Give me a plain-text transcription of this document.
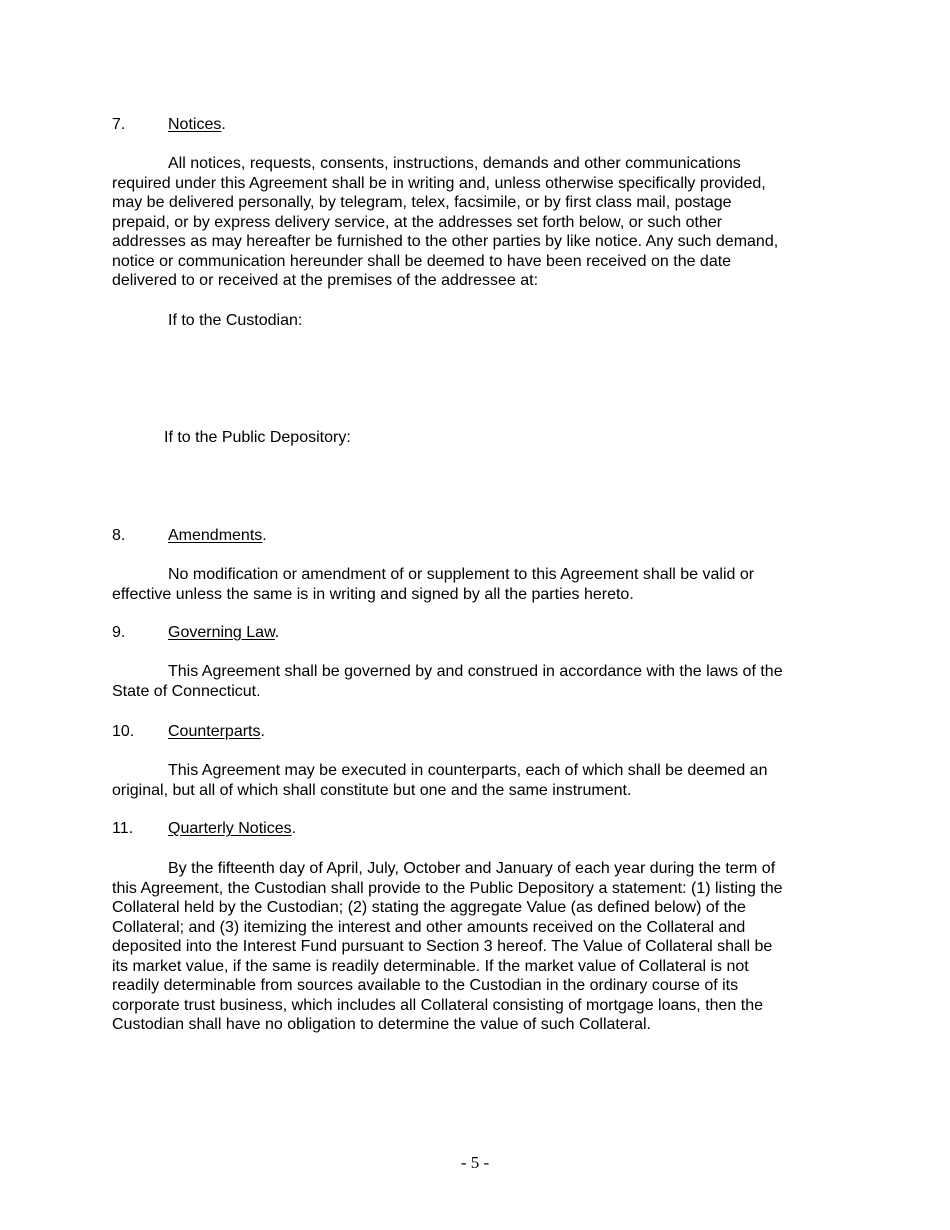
7.	Notices.
All notices, requests, consents, instructions, demands and other communications
required under this Agreement shall be in writing and, unless otherwise specifically provided,
may be delivered personally, by telegram, telex, facsimile, or by first class mail, postage
prepaid, or by express delivery service, at the addresses set forth below, or such other
addresses as may hereafter be furnished to the other parties by like notice. Any such demand,
notice or communication hereunder shall be deemed to have been received on the date
delivered to or received at the premises of the addressee at:
If to the Custodian:
If to the Public Depository:
8.	Amendments.
No modification or amendment of or supplement to this Agreement shall be valid or
effective unless the same is in writing and signed by all the parties hereto.
9.	Governing Law.
This Agreement shall be governed by and construed in accordance with the laws of the
State of Connecticut.
10. Counterparts.
This Agreement may be executed in counterparts, each of which shall be deemed an
original, but all of which shall constitute but one and the same instrument.
11. Quarterly Notices.
By the fifteenth day of April, July, October and January of each year during the term of
this Agreement, the Custodian shall provide to the Public Depository a statement: (1) listing the
Collateral held by the Custodian; (2) stating the aggregate Value (as defined below) of the
Collateral; and (3) itemizing the interest and other amounts received on the Collateral and
deposited into the Interest Fund pursuant to Section 3 hereof. The Value of Collateral shall be
its market value, if the same is readily determinable. If the market value of Collateral is not
readily determinable from sources available to the Custodian in the ordinary course of its
corporate trust business, which includes all Collateral consisting of mortgage loans, then the
Custodian shall have no obligation to determine the value of such Collateral.
- 5 -
